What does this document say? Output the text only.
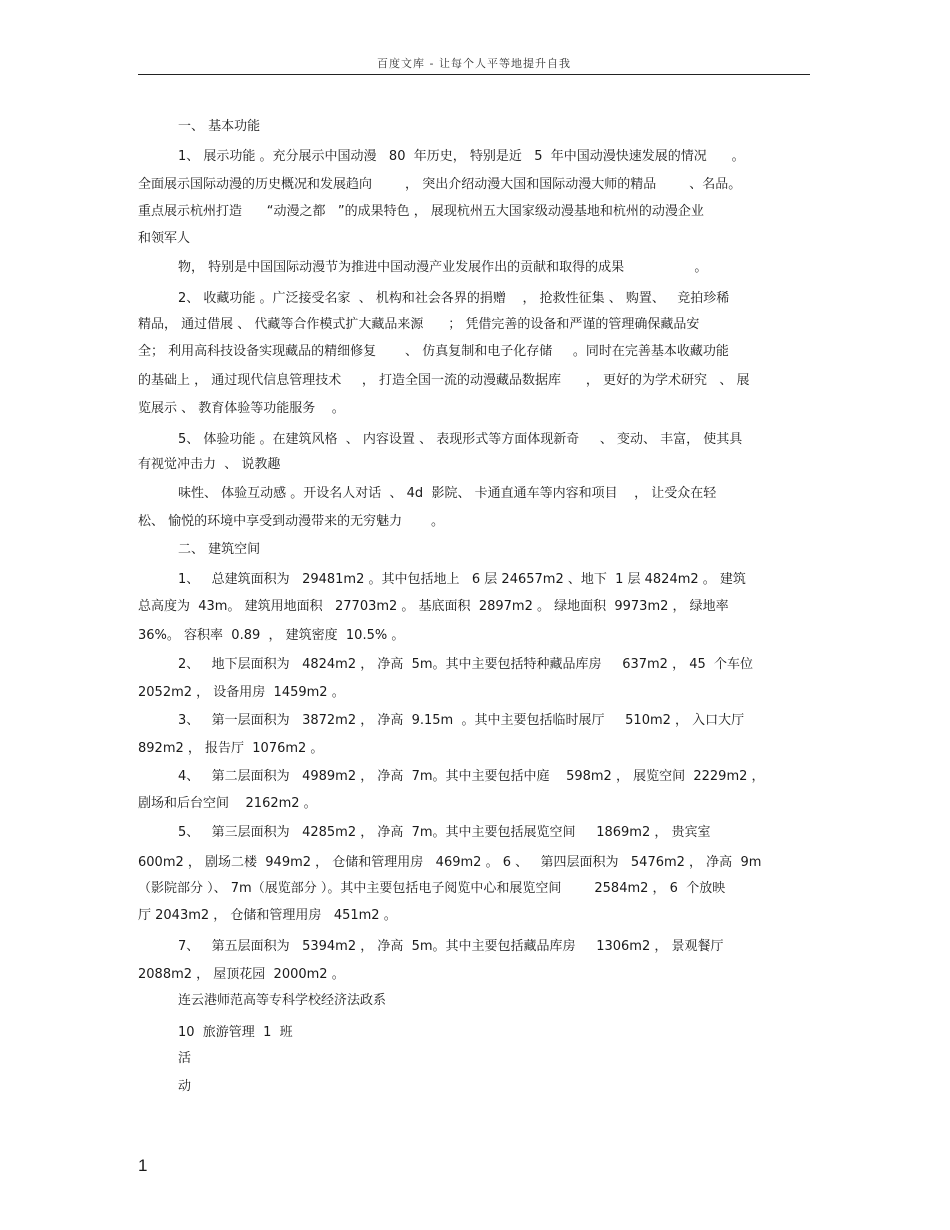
百度文库 - 让每个人平等地提升自我
一、 基本功能
1、 展示功能 。充分展示中国动漫   80  年历史， 特别是近   5  年中国动漫快速发展的情况      。
全面展示国际动漫的历史概况和发展趋向        ， 突出介绍动漫大国和国际动漫大师的精品        、名品。
重点展示杭州打造      “动漫之都   ”的成果特色 ， 展现杭州五大国家级动漫基地和杭州的动漫企业
和领军人
物， 特别是中国国际动漫节为推进中国动漫产业发展作出的贡献和取得的成果                 。
2、 收藏功能 。广泛接受名家  、 机构和社会各界的捐赠    ， 抢救性征集 、 购置、   竞拍珍稀
精品， 通过借展 、 代藏等合作模式扩大藏品来源      ； 凭借完善的设备和严谨的管理确保藏品安
全； 利用高科技设备实现藏品的精细修复       、 仿真复制和电子化存储     。同时在完善基本收藏功能
的基础上 ， 通过现代信息管理技术     ， 打造全国一流的动漫藏品数据库      ， 更好的为学术研究   、 展
览展示 、 教育体验等功能服务    。
5、 体验功能 。在建筑风格  、 内容设置 、 表现形式等方面体现新奇     、 变动、 丰富， 使其具
有视觉冲击力  、 说教趣
味性、 体验互动感 。开设名人对话  、 4d  影院、 卡通直通车等内容和项目    ， 让受众在轻
松、 愉悦的环境中享受到动漫带来的无穷魅力       。
二、 建筑空间
1、   总建筑面积为   29481m2 。其中包括地上   6 层 24657m2 、地下  1 层 4824m2 。 建筑
总高度为  43m。 建筑用地面积   27703m2 。 基底面积  2897m2 。 绿地面积  9973m2 ， 绿地率
36%。 容积率  0.89  ， 建筑密度  10.5% 。
2、   地下层面积为   4824m2 ， 净高  5m。其中主要包括特种藏品库房     637m2 ， 45  个车位
2052m2 ， 设备用房  1459m2 。
3、   第一层面积为   3872m2 ， 净高  9.15m  。其中主要包括临时展厅     510m2 ， 入口大厅
892m2 ， 报告厅  1076m2 。
4、   第二层面积为   4989m2 ， 净高  7m。其中主要包括中庭    598m2 ， 展览空间  2229m2 ，
剧场和后台空间    2162m2 。
5、   第三层面积为   4285m2 ， 净高  7m。其中主要包括展览空间     1869m2 ， 贵宾室
600m2 ， 剧场二楼  949m2 ， 仓储和管理用房   469m2 。 6 、   第四层面积为   5476m2 ， 净高  9m
（影院部分 ）、 7m（展览部分 ）。其中主要包括电子阅览中心和展览空间        2584m2 ， 6  个放映
厅 2043m2 ， 仓储和管理用房   451m2 。
7、   第五层面积为   5394m2 ， 净高  5m。其中主要包括藏品库房     1306m2 ， 景观餐厅
2088m2 ， 屋顶花园  2000m2 。
连云港师范高等专科学校经济法政系
10  旅游管理  1  班
活
动
1
